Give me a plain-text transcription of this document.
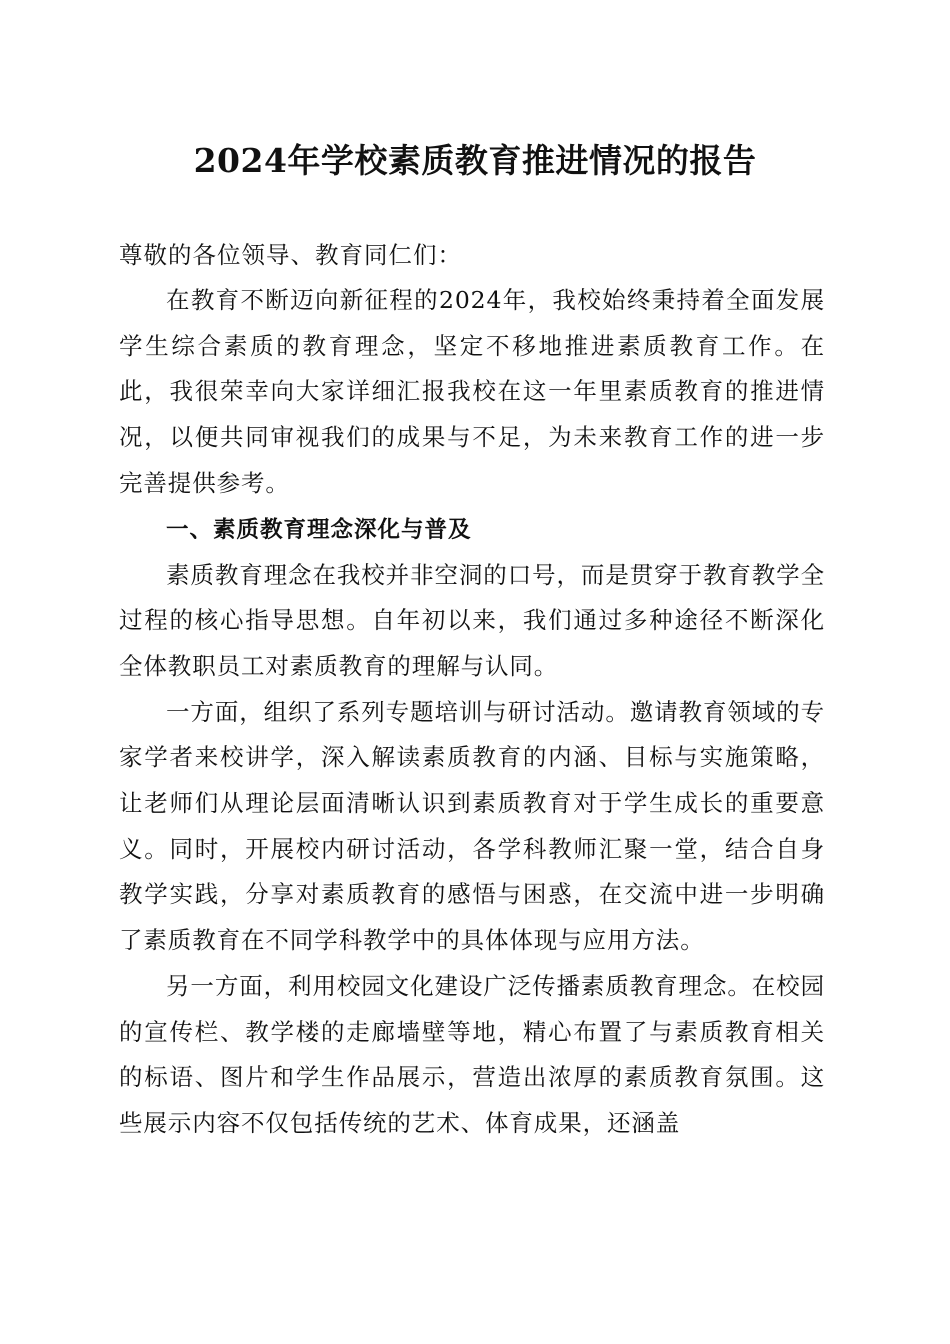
2024年学校素质教育推进情况的报告

尊敬的各位领导、教育同仁们：

在教育不断迈向新征程的2024年，我校始终秉持着全面发展学生综合素质的教育理念，坚定不移地推进素质教育工作。在此，我很荣幸向大家详细汇报我校在这一年里素质教育的推进情况，以便共同审视我们的成果与不足，为未来教育工作的进一步完善提供参考。

一、素质教育理念深化与普及

素质教育理念在我校并非空洞的口号，而是贯穿于教育教学全过程的核心指导思想。自年初以来，我们通过多种途径不断深化全体教职员工对素质教育的理解与认同。

一方面，组织了系列专题培训与研讨活动。邀请教育领域的专家学者来校讲学，深入解读素质教育的内涵、目标与实施策略，让老师们从理论层面清晰认识到素质教育对于学生成长的重要意义。同时，开展校内研讨活动，各学科教师汇聚一堂，结合自身教学实践，分享对素质教育的感悟与困惑，在交流中进一步明确了素质教育在不同学科教学中的具体体现与应用方法。

另一方面，利用校园文化建设广泛传播素质教育理念。在校园的宣传栏、教学楼的走廊墙壁等地，精心布置了与素质教育相关的标语、图片和学生作品展示，营造出浓厚的素质教育氛围。这些展示内容不仅包括传统的艺术、体育成果，还涵盖
